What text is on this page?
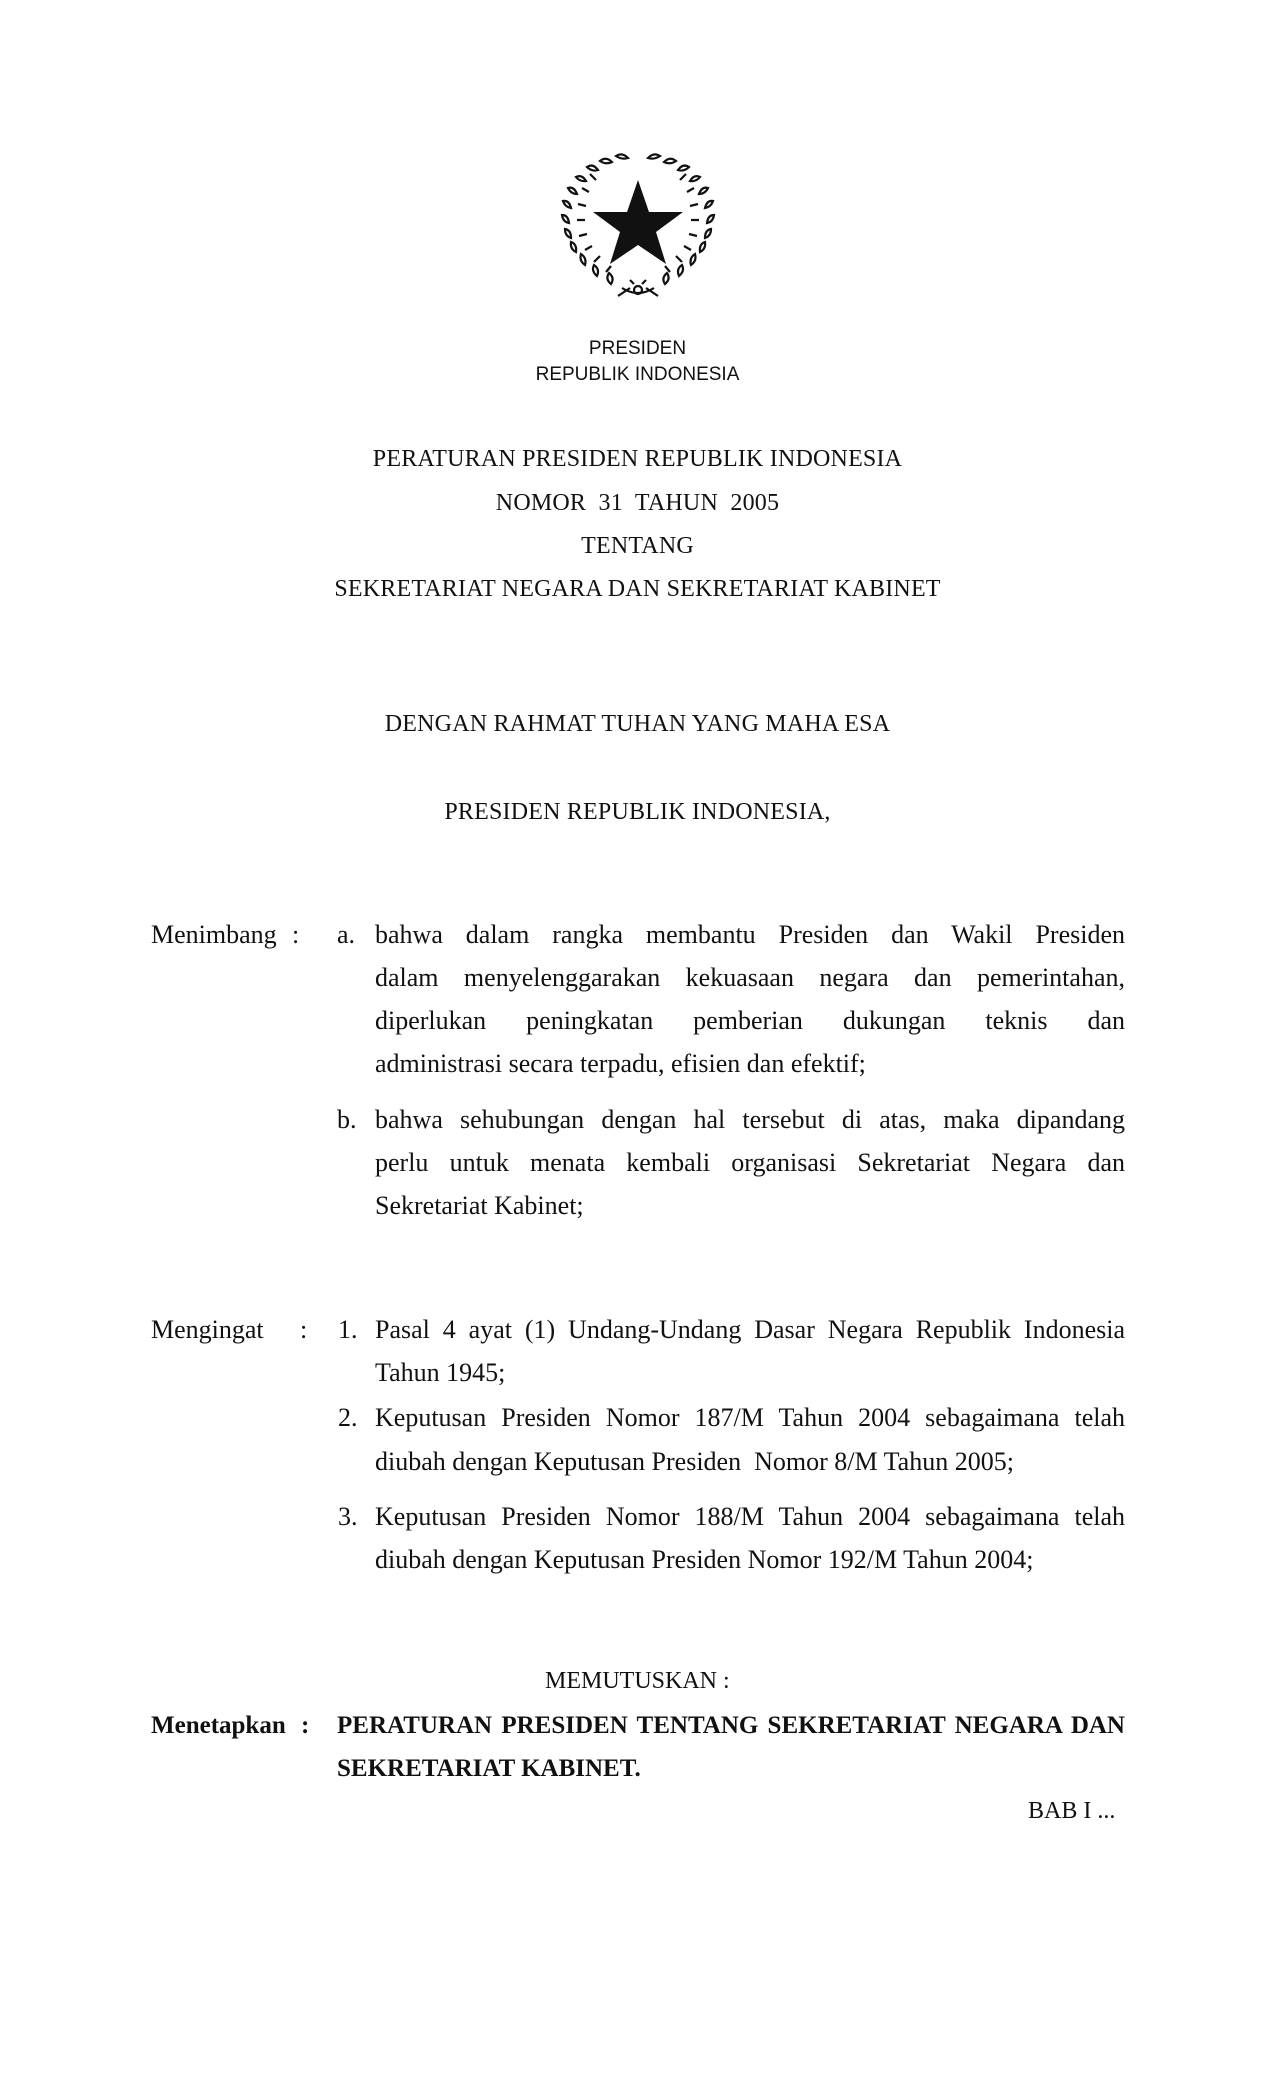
PRESIDEN
REPUBLIK INDONESIA
PERATURAN PRESIDEN REPUBLIK INDONESIA
NOMOR  31  TAHUN  2005
TENTANG
SEKRETARIAT NEGARA DAN SEKRETARIAT KABINET
DENGAN RAHMAT TUHAN YANG MAHA ESA
PRESIDEN REPUBLIK INDONESIA,
Menimbang : a. bahwa dalam rangka membantu Presiden dan Wakil Presiden
dalam menyelenggarakan kekuasaan negara dan pemerintahan,
diperlukan peningkatan pemberian dukungan teknis dan
administrasi secara terpadu, efisien dan efektif;
b. bahwa sehubungan dengan hal tersebut di atas, maka dipandang
perlu untuk menata kembali organisasi Sekretariat Negara dan
Sekretariat Kabinet;
Mengingat : 1. Pasal 4 ayat (1) Undang-Undang Dasar Negara Republik Indonesia
Tahun 1945;
2. Keputusan Presiden Nomor 187/M Tahun 2004 sebagaimana telah
diubah dengan Keputusan Presiden  Nomor 8/M Tahun 2005;
3. Keputusan Presiden Nomor 188/M Tahun 2004 sebagaimana telah
diubah dengan Keputusan Presiden Nomor 192/M Tahun 2004;
MEMUTUSKAN :
Menetapkan : PERATURAN PRESIDEN TENTANG SEKRETARIAT NEGARA DAN
SEKRETARIAT KABINET.
BAB I ...
